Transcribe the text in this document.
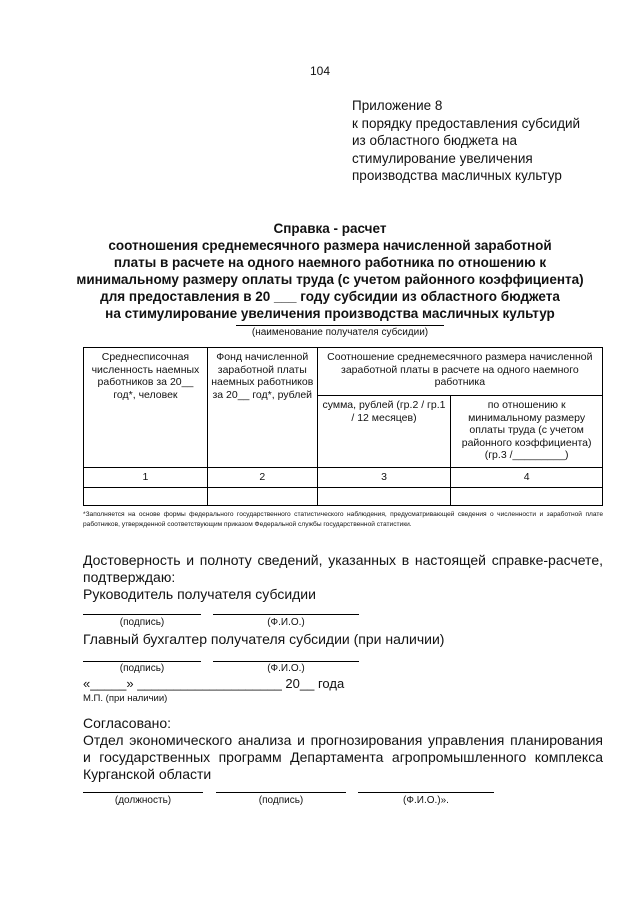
104
Приложение 8
к порядку предоставления субсидий
из областного бюджета на
стимулирование увеличения
производства масличных культур
Справка - расчет
соотношения среднемесячного размера начисленной заработной
платы в расчете на одного наемного работника по отношению к
минимальному размеру оплаты труда (с учетом районного коэффициента)
для предоставления в 20 ___ году субсидии из областного бюджета
на стимулирование увеличения производства масличных культур
(наименование получателя субсидии)
Среднесписочная численность наемных работников за 20__ год*, человек	Фонд начисленной заработной платы наемных работников за 20__ год*, рублей	Соотношение среднемесячного размера начисленной заработной платы в расчете на одного наемного работника	
		сумма, рублей (гр.2 / гр.1 / 12 месяцев)	по отношению к минимальному размеру оплаты труда (с учетом районного коэффициента) (гр.3 /_________)
1	2	3	4

*Заполняется на основе формы федерального государственного статистического наблюдения, предусматривающей сведения о численности и заработной плате работников, утвержденной соответствующим приказом Федеральной службы государственной статистики.
Достоверность и полноту сведений, указанных в настоящей справке-расчете, подтверждаю:
Руководитель получателя субсидии
(подпись)	(Ф.И.О.)
Главный бухгалтер получателя субсидии (при наличии)
(подпись)	(Ф.И.О.)
«_____» ____________________ 20__ года
М.П. (при наличии)
Согласовано:
Отдел экономического анализа и прогнозирования управления планирования и государственных программ Департамента агропромышленного комплекса Курганской области
(должность)	(подпись)	(Ф.И.О.)».
